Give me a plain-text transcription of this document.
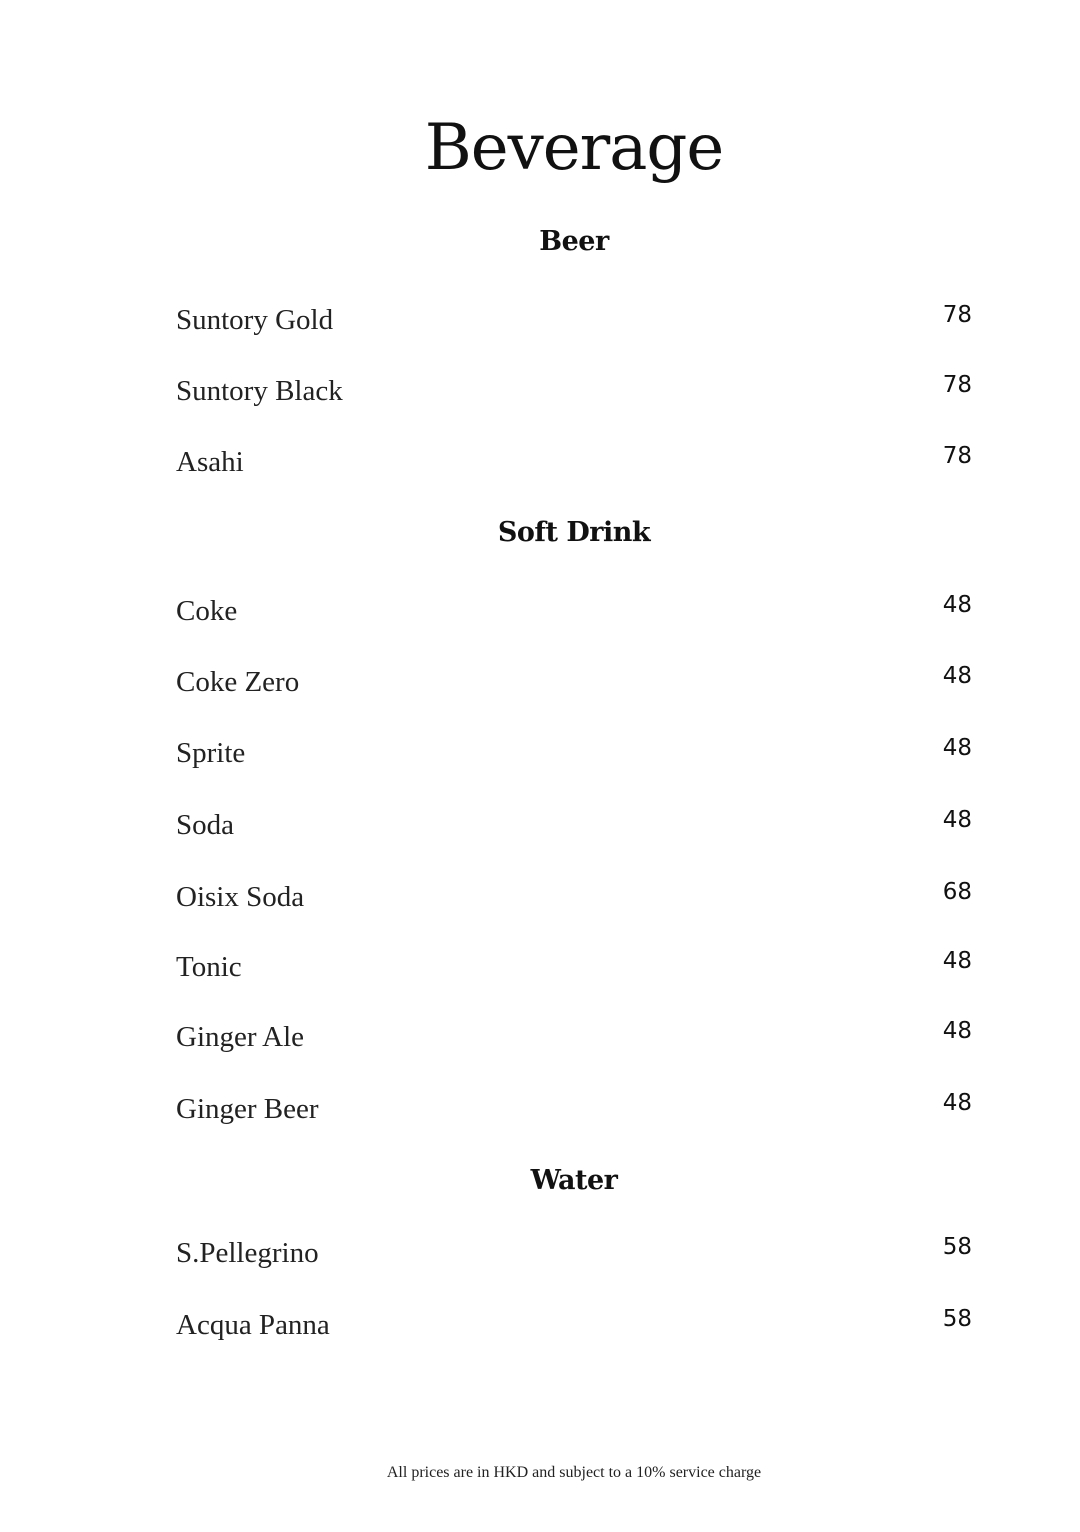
Beverage
Beer
Suntory Gold	78
Suntory Black	78
Asahi	78
Soft Drink
Coke	48
Coke Zero	48
Sprite	48
Soda	48
Oisix Soda	68
Tonic	48
Ginger Ale	48
Ginger Beer	48
Water
S.Pellegrino	58
Acqua Panna	58
All prices are in HKD and subject to a 10% service charge
